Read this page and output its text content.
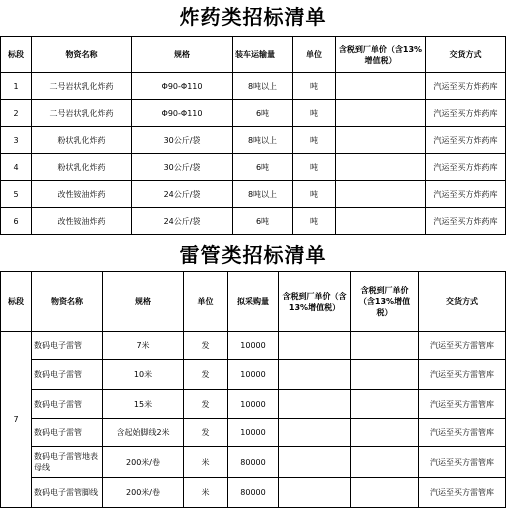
炸药类招标清单
标段	物资名称	规格	装车运输量	单位	含税到厂单价（含13%增值税）	交货方式
1	二号岩状乳化炸药	Φ90-Φ110	8吨以上	吨		汽运至买方炸药库
2	二号岩状乳化炸药	Φ90-Φ110	6吨	吨		汽运至买方炸药库
3	粉状乳化炸药	30公斤/袋	8吨以上	吨		汽运至买方炸药库
4	粉状乳化炸药	30公斤/袋	6吨	吨		汽运至买方炸药库
5	改性铵油炸药	24公斤/袋	8吨以上	吨		汽运至买方炸药库
6	改性铵油炸药	24公斤/袋	6吨	吨		汽运至买方炸药库
雷管类招标清单
标段	物资名称	规格	单位	拟采购量	含税到厂单价（含13%增值税）	含税到厂单价（含13%增值税）	交货方式
7	数码电子雷管	7米	发	10000			汽运至买方雷管库
	数码电子雷管	10米	发	10000			汽运至买方雷管库
	数码电子雷管	15米	发	10000			汽运至买方雷管库
	数码电子雷管	含起始脚线2米	发	10000			汽运至买方雷管库
	数码电子雷管地表母线	200米/卷	米	80000			汽运至买方雷管库
	数码电子雷管脚线	200米/卷	米	80000			汽运至买方雷管库
